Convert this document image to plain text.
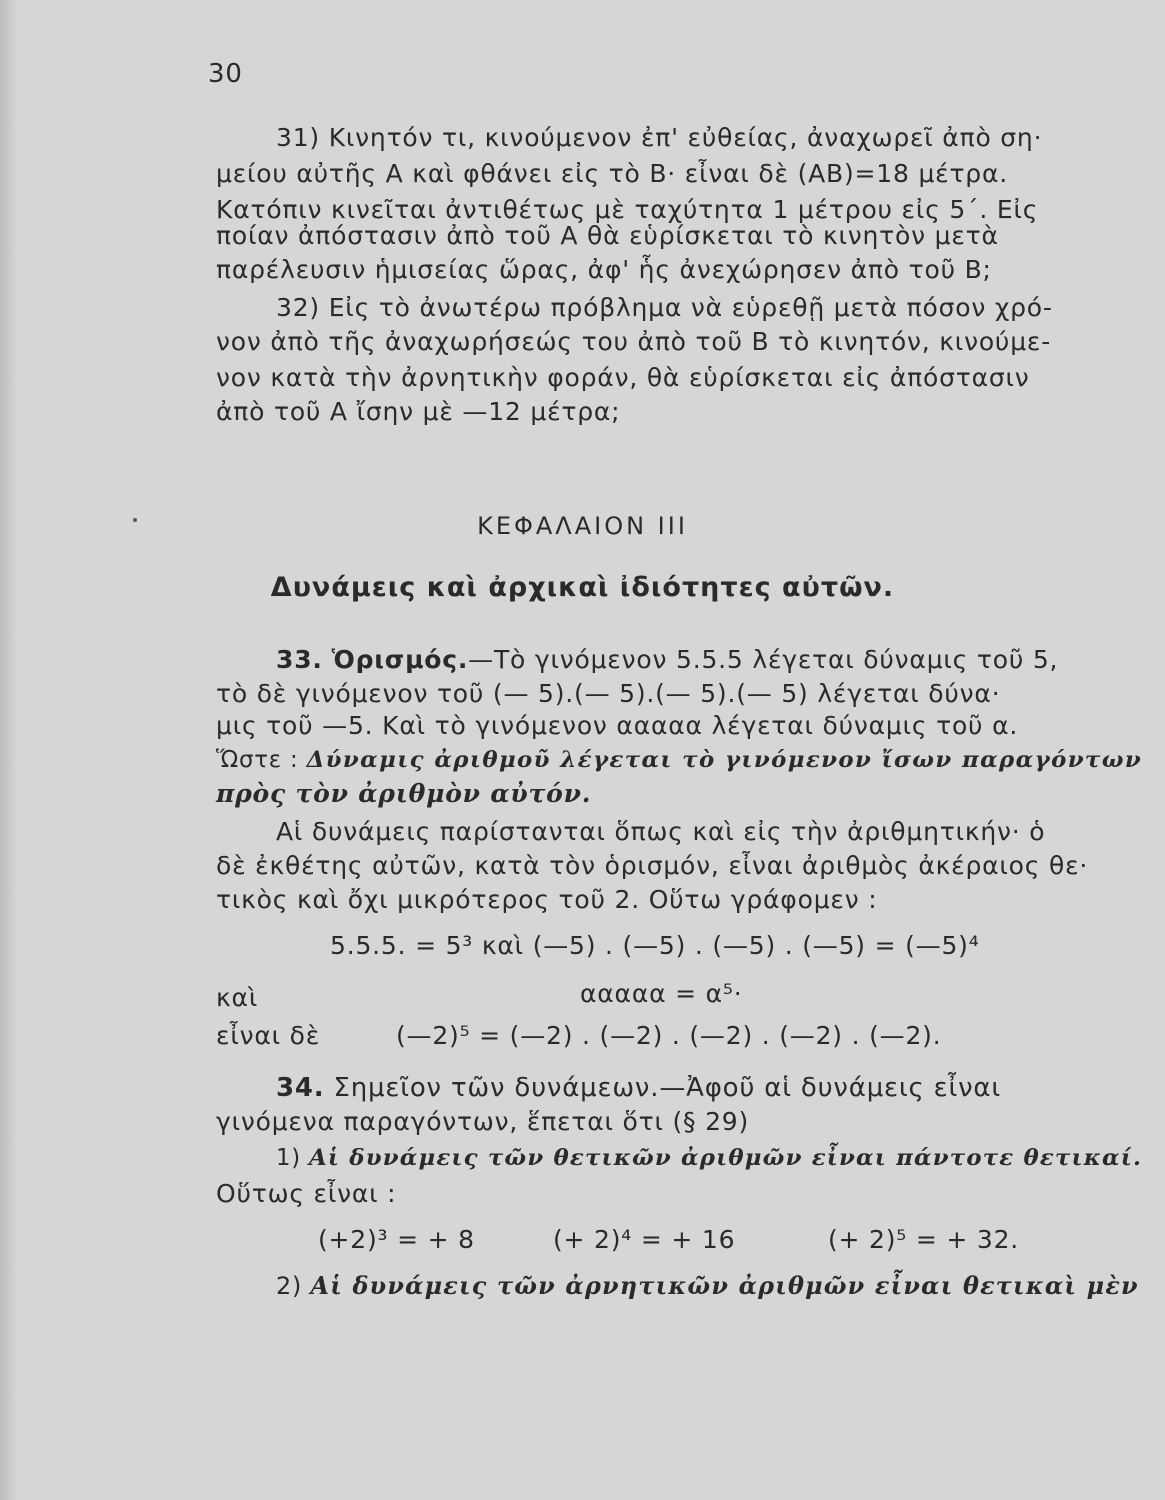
30
31) Κινητόν τι, κινούμενον ἐπ' εὐθείας, ἀναχωρεῖ ἀπὸ ση·
μείου αὐτῆς Α καὶ φθάνει εἰς τὸ Β· εἶναι δὲ (ΑΒ)=18 μέτρα.
Κατόπιν κινεῖται ἀντιθέτως μὲ ταχύτητα 1 μέτρου εἰς 5΄. Εἰς
ποίαν ἀπόστασιν ἀπὸ τοῦ Α θὰ εὑρίσκεται τὸ κινητὸν μετὰ
παρέλευσιν ἡμισείας ὥρας, ἀφ' ἧς ἀνεχώρησεν ἀπὸ τοῦ Β;
32) Εἰς τὸ ἀνωτέρω πρόβλημα νὰ εὑρεθῇ μετὰ πόσον χρό-
νον ἀπὸ τῆς ἀναχωρήσεώς του ἀπὸ τοῦ Β τὸ κινητόν, κινούμε-
νον κατὰ τὴν ἀρνητικὴν φοράν, θὰ εὑρίσκεται εἰς ἀπόστασιν
ἀπὸ τοῦ Α ἴσην μὲ —12 μέτρα;
ΚΕΦΑΛΑΙΟΝ ΙΙΙ
Δυνάμεις καὶ ἀρχικαὶ ἰδιότητες αὐτῶν.
33. Ὁρισμός.—Τὸ γινόμενον 5.5.5 λέγεται δύναμις τοῦ 5,
τὸ δὲ γινόμενον τοῦ (— 5).(— 5).(— 5).(— 5) λέγεται δύνα·
μις τοῦ —5. Καὶ τὸ γινόμενον ααααα λέγεται δύναμις τοῦ α.
Ὥστε : Δύναμις ἀριθμοῦ λέγεται τὸ γινόμενον ἴσων παραγόντων
πρὸς τὸν ἀριθμὸν αὐτόν.
Αἱ δυνάμεις παρίστανται ὅπως καὶ εἰς τὴν ἀριθμητικήν· ὁ
δὲ ἐκθέτης αὐτῶν, κατὰ τὸν ὁρισμόν, εἶναι ἀριθμὸς ἀκέραιος θε·
τικὸς καὶ ὄχι μικρότερος τοῦ 2. Οὕτω γράφομεν :
5.5.5. = 5³ καὶ (—5) . (—5) . (—5) . (—5) = (—5)⁴
καὶ	ααααα = α⁵·
εἶναι δὲ	(—2)⁵ = (—2) . (—2) . (—2) . (—2) . (—2).
34. Σημεῖον τῶν δυνάμεων.—Ἀφοῦ αἱ δυνάμεις εἶναι
γινόμενα παραγόντων, ἕπεται ὅτι (§ 29)
1) Αἱ δυνάμεις τῶν θετικῶν ἀριθμῶν εἶναι πάντοτε θετικαί.
Οὕτως εἶναι :
(+2)³ = + 8	(+ 2)⁴ = + 16	(+ 2)⁵ = + 32.
2) Αἱ δυνάμεις τῶν ἀρνητικῶν ἀριθμῶν εἶναι θετικαὶ μὲν
